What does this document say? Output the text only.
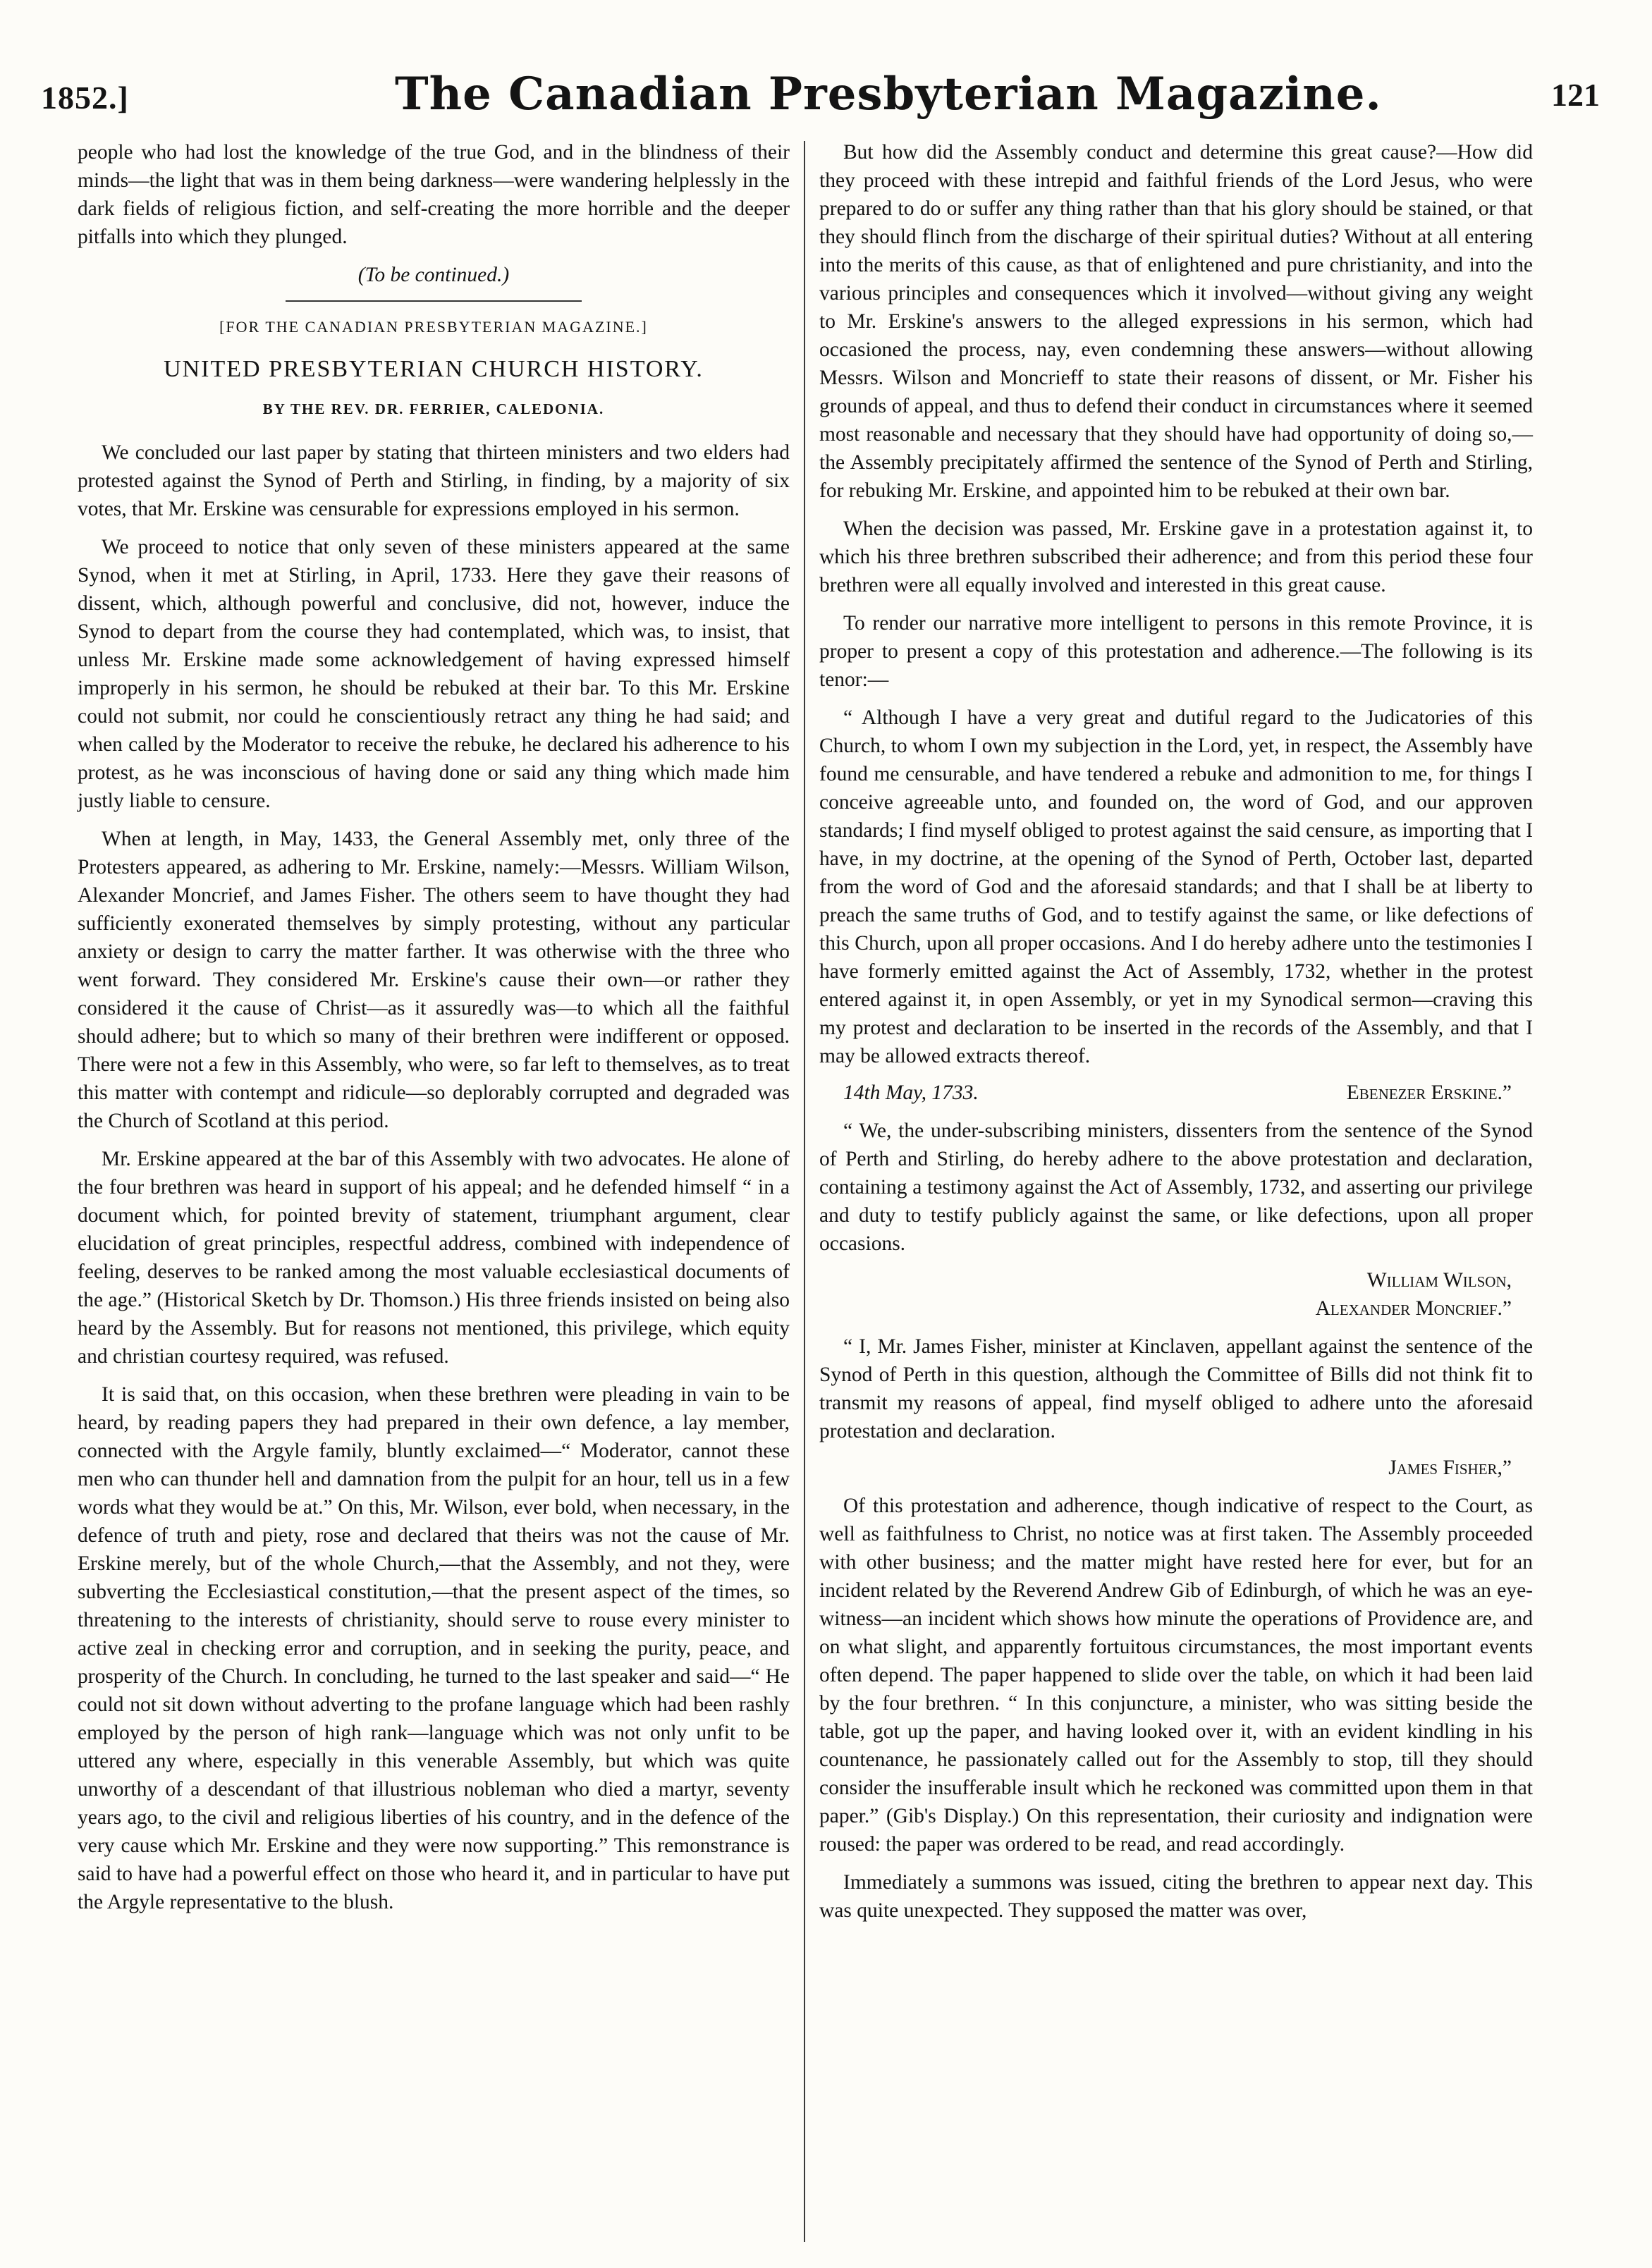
1852.]	The Canadian Presbyterian Magazine.	121

people who had lost the knowledge of the true God, and in the blindness of their minds—the light that was in them being darkness—were wandering helplessly in the dark fields of religious fiction, and self-creating the more horrible and the deeper pitfalls into which they plunged.

(To be continued.)

[FOR THE CANADIAN PRESBYTERIAN MAGAZINE.]

UNITED PRESBYTERIAN CHURCH HISTORY.

BY THE REV. DR. FERRIER, CALEDONIA.

We concluded our last paper by stating that thirteen ministers and two elders had protested against the Synod of Perth and Stirling, in finding, by a majority of six votes, that Mr. Erskine was censurable for expressions employed in his sermon.

We proceed to notice that only seven of these ministers appeared at the same Synod, when it met at Stirling, in April, 1733. Here they gave their reasons of dissent, which, although powerful and conclusive, did not, however, induce the Synod to depart from the course they had contemplated, which was, to insist, that unless Mr. Erskine made some acknowledgement of having expressed himself improperly in his sermon, he should be rebuked at their bar. To this Mr. Erskine could not submit, nor could he conscientiously retract any thing he had said; and when called by the Moderator to receive the rebuke, he declared his adherence to his protest, as he was inconscious of having done or said any thing which made him justly liable to censure.

When at length, in May, 1433, the General Assembly met, only three of the Protesters appeared, as adhering to Mr. Erskine, namely:—Messrs. William Wilson, Alexander Moncrief, and James Fisher. The others seem to have thought they had sufficiently exonerated themselves by simply protesting, without any particular anxiety or design to carry the matter farther. It was otherwise with the three who went forward. They considered Mr. Erskine's cause their own—or rather they considered it the cause of Christ—as it assuredly was—to which all the faithful should adhere; but to which so many of their brethren were indifferent or opposed. There were not a few in this Assembly, who were, so far left to themselves, as to treat this matter with contempt and ridicule—so deplorably corrupted and degraded was the Church of Scotland at this period.

Mr. Erskine appeared at the bar of this Assembly with two advocates. He alone of the four brethren was heard in support of his appeal; and he defended himself “ in a document which, for pointed brevity of statement, triumphant argument, clear elucidation of great principles, respectful address, combined with independence of feeling, deserves to be ranked among the most valuable ecclesiastical documents of the age.” (Historical Sketch by Dr. Thomson.) His three friends insisted on being also heard by the Assembly. But for reasons not mentioned, this privilege, which equity and christian courtesy required, was refused.

It is said that, on this occasion, when these brethren were pleading in vain to be heard, by reading papers they had prepared in their own defence, a lay member, connected with the Argyle family, bluntly exclaimed—“ Moderator, cannot these men who can thunder hell and damnation from the pulpit for an hour, tell us in a few words what they would be at.” On this, Mr. Wilson, ever bold, when necessary, in the defence of truth and piety, rose and declared that theirs was not the cause of Mr. Erskine merely, but of the whole Church,—that the Assembly, and not they, were subverting the Ecclesiastical constitution,—that the present aspect of the times, so threatening to the interests of christianity, should serve to rouse every minister to active zeal in checking error and corruption, and in seeking the purity, peace, and prosperity of the Church. In concluding, he turned to the last speaker and said—“ He could not sit down without adverting to the profane language which had been rashly employed by the person of high rank—language which was not only unfit to be uttered any where, especially in this venerable Assembly, but which was quite unworthy of a descendant of that illustrious nobleman who died a martyr, seventy years ago, to the civil and religious liberties of his country, and in the defence of the very cause which Mr. Erskine and they were now supporting.” This remonstrance is said to have had a powerful effect on those who heard it, and in particular to have put the Argyle representative to the blush.

But how did the Assembly conduct and determine this great cause?—How did they proceed with these intrepid and faithful friends of the Lord Jesus, who were prepared to do or suffer any thing rather than that his glory should be stained, or that they should flinch from the discharge of their spiritual duties? Without at all entering into the merits of this cause, as that of enlightened and pure christianity, and into the various principles and consequences which it involved—without giving any weight to Mr. Erskine's answers to the alleged expressions in his sermon, which had occasioned the process, nay, even condemning these answers—without allowing Messrs. Wilson and Moncrieff to state their reasons of dissent, or Mr. Fisher his grounds of appeal, and thus to defend their conduct in circumstances where it seemed most reasonable and necessary that they should have had opportunity of doing so,—the Assembly precipitately affirmed the sentence of the Synod of Perth and Stirling, for rebuking Mr. Erskine, and appointed him to be rebuked at their own bar.

When the decision was passed, Mr. Erskine gave in a protestation against it, to which his three brethren subscribed their adherence; and from this period these four brethren were all equally involved and interested in this great cause.

To render our narrative more intelligent to persons in this remote Province, it is proper to present a copy of this protestation and adherence.—The following is its tenor:—

“ Although I have a very great and dutiful regard to the Judicatories of this Church, to whom I own my subjection in the Lord, yet, in respect, the Assembly have found me censurable, and have tendered a rebuke and admonition to me, for things I conceive agreeable unto, and founded on, the word of God, and our approven standards; I find myself obliged to protest against the said censure, as importing that I have, in my doctrine, at the opening of the Synod of Perth, October last, departed from the word of God and the aforesaid standards; and that I shall be at liberty to preach the same truths of God, and to testify against the same, or like defections of this Church, upon all proper occasions. And I do hereby adhere unto the testimonies I have formerly emitted against the Act of Assembly, 1732, whether in the protest entered against it, in open Assembly, or yet in my Synodical sermon—craving this my protest and declaration to be inserted in the records of the Assembly, and that I may be allowed extracts thereof.

14th May, 1733.	Ebenezer Erskine.”

“ We, the under-subscribing ministers, dissenters from the sentence of the Synod of Perth and Stirling, do hereby adhere to the above protestation and declaration, containing a testimony against the Act of Assembly, 1732, and asserting our privilege and duty to testify publicly against the same, or like defections, upon all proper occasions.

William Wilson,
Alexander Moncrief.”

“ I, Mr. James Fisher, minister at Kinclaven, appellant against the sentence of the Synod of Perth in this question, although the Committee of Bills did not think fit to transmit my reasons of appeal, find myself obliged to adhere unto the aforesaid protestation and declaration.

James Fisher,”

Of this protestation and adherence, though indicative of respect to the Court, as well as faithfulness to Christ, no notice was at first taken. The Assembly proceeded with other business; and the matter might have rested here for ever, but for an incident related by the Reverend Andrew Gib of Edinburgh, of which he was an eye-witness—an incident which shows how minute the operations of Providence are, and on what slight, and apparently fortuitous circumstances, the most important events often depend. The paper happened to slide over the table, on which it had been laid by the four brethren. “ In this conjuncture, a minister, who was sitting beside the table, got up the paper, and having looked over it, with an evident kindling in his countenance, he passionately called out for the Assembly to stop, till they should consider the insufferable insult which he reckoned was committed upon them in that paper.” (Gib's Display.) On this representation, their curiosity and indignation were roused: the paper was ordered to be read, and read accordingly.

Immediately a summons was issued, citing the brethren to appear next day. This was quite unexpected. They supposed the matter was over,
